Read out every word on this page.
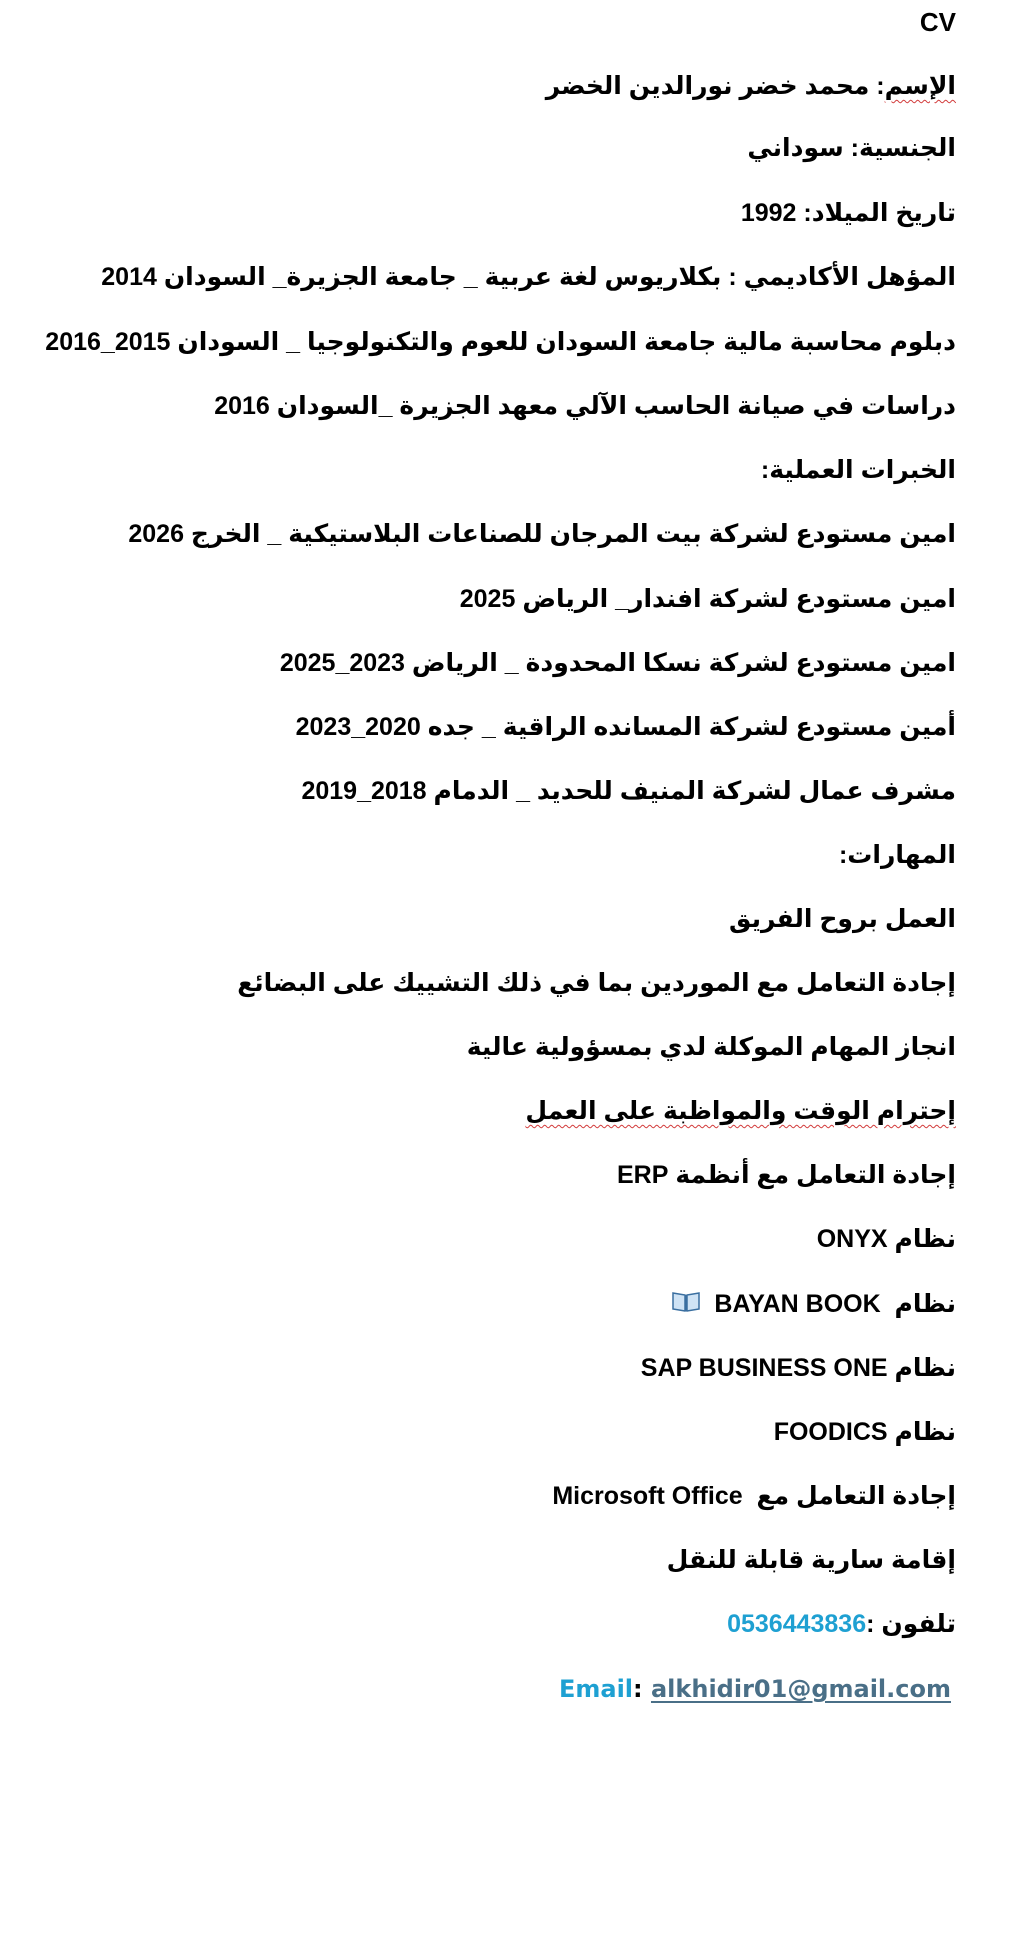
CV
الإسم: محمد خضر نورالدين الخضر
الجنسية: سوداني
تاريخ الميلاد: 1992
المؤهل الأكاديمي : بكلاريوس لغة عربية _ جامعة الجزيرة_ السودان 2014
دبلوم محاسبة مالية جامعة السودان للعوم والتكنولوجيا _ السودان 2015_2016
دراسات في صيانة الحاسب الآلي معهد الجزيرة _السودان 2016
الخبرات العملية:
امين مستودع لشركة بيت المرجان للصناعات البلاستيكية _ الخرج 2026
امين مستودع لشركة افندار_ الرياض 2025
امين مستودع لشركة نسكا المحدودة _ الرياض 2023_2025
أمين مستودع لشركة المسانده الراقية _ جده 2020_2023
مشرف عمال لشركة المنيف للحديد _ الدمام 2018_2019
المهارات:
العمل بروح الفريق
إجادة التعامل مع الموردين بما في ذلك التشييك على البضائع
انجاز المهام الموكلة لدي بمسؤولية عالية
إحترام الوقت والمواظبة على العمل
إجادة التعامل مع أنظمة ERP
نظام ONYX
نظام  BAYAN BOOK
نظام SAP BUSINESS ONE
نظام FOODICS
إجادة التعامل مع  Microsoft Office
إقامة سارية قابلة للنقل
تلفون :0536443836
Email: alkhidir01@gmail.com
